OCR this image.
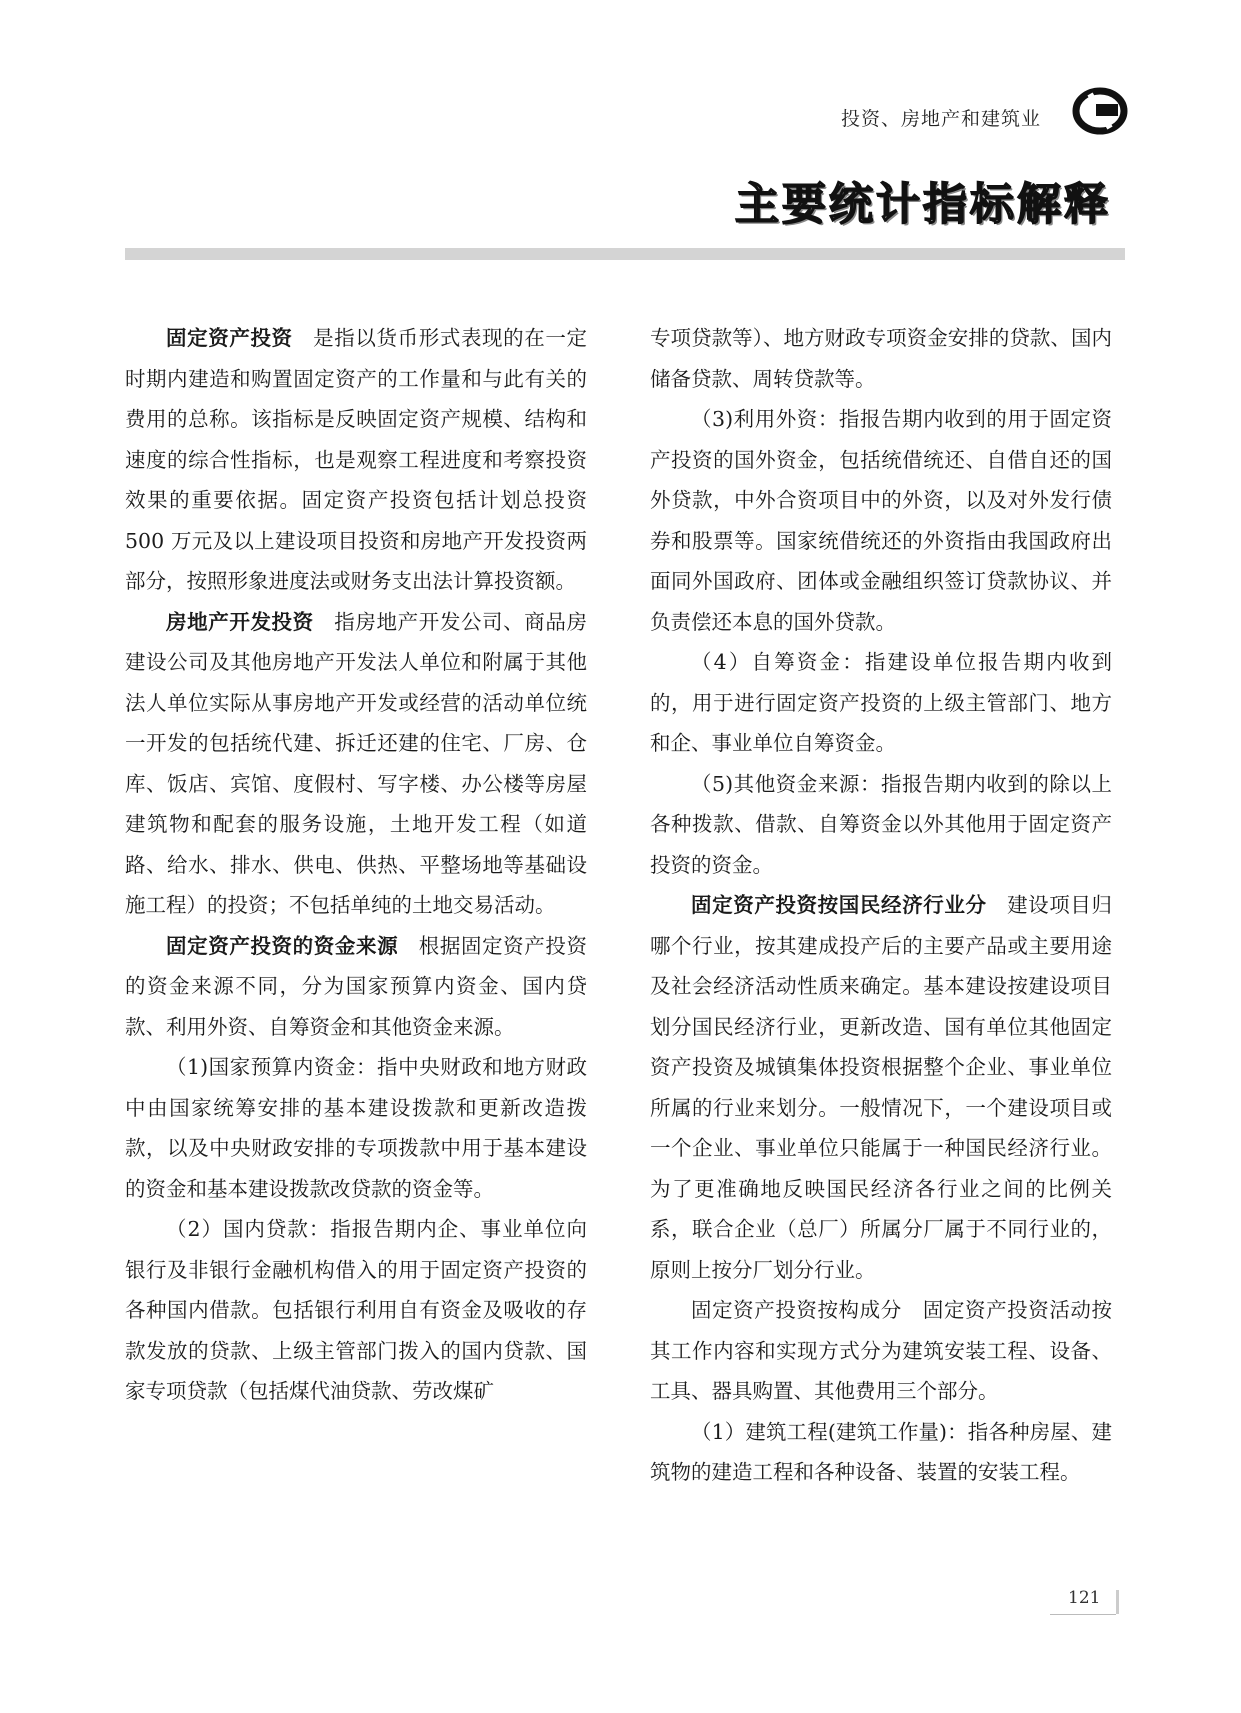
投资、房地产和建筑业
主要统计指标解释

固定资产投资 是指以货币形式表现的在一定时期内建造和购置固定资产的工作量和与此有关的费用的总称。该指标是反映固定资产规模、结构和速度的综合性指标，也是观察工程进度和考察投资效果的重要依据。固定资产投资包括计划总投资 500 万元及以上建设项目投资和房地产开发投资两部分，按照形象进度法或财务支出法计算投资额。

房地产开发投资 指房地产开发公司、商品房建设公司及其他房地产开发法人单位和附属于其他法人单位实际从事房地产开发或经营的活动单位统一开发的包括统代建、拆迁还建的住宅、厂房、仓库、饭店、宾馆、度假村、写字楼、办公楼等房屋建筑物和配套的服务设施，土地开发工程（如道路、给水、排水、供电、供热、平整场地等基础设施工程）的投资；不包括单纯的土地交易活动。

固定资产投资的资金来源 根据固定资产投资的资金来源不同，分为国家预算内资金、国内贷款、利用外资、自筹资金和其他资金来源。

（1)国家预算内资金：指中央财政和地方财政中由国家统筹安排的基本建设拨款和更新改造拨款，以及中央财政安排的专项拨款中用于基本建设的资金和基本建设拨款改贷款的资金等。

（2）国内贷款：指报告期内企、事业单位向银行及非银行金融机构借入的用于固定资产投资的各种国内借款。包括银行利用自有资金及吸收的存款发放的贷款、上级主管部门拨入的国内贷款、国家专项贷款（包括煤代油贷款、劳改煤矿

专项贷款等）、地方财政专项资金安排的贷款、国内储备贷款、周转贷款等。

（3)利用外资：指报告期内收到的用于固定资产投资的国外资金，包括统借统还、自借自还的国外贷款，中外合资项目中的外资，以及对外发行债券和股票等。国家统借统还的外资指由我国政府出面同外国政府、团体或金融组织签订贷款协议、并负责偿还本息的国外贷款。

（4）自筹资金：指建设单位报告期内收到的，用于进行固定资产投资的上级主管部门、地方和企、事业单位自筹资金。

（5)其他资金来源：指报告期内收到的除以上各种拨款、借款、自筹资金以外其他用于固定资产投资的资金。

固定资产投资按国民经济行业分 建设项目归哪个行业，按其建成投产后的主要产品或主要用途及社会经济活动性质来确定。基本建设按建设项目划分国民经济行业，更新改造、国有单位其他固定资产投资及城镇集体投资根据整个企业、事业单位所属的行业来划分。一般情况下，一个建设项目或一个企业、事业单位只能属于一种国民经济行业。为了更准确地反映国民经济各行业之间的比例关系，联合企业（总厂）所属分厂属于不同行业的，原则上按分厂划分行业。

固定资产投资按构成分　固定资产投资活动按其工作内容和实现方式分为建筑安装工程、设备、工具、器具购置、其他费用三个部分。

（1）建筑工程(建筑工作量)：指各种房屋、建筑物的建造工程和各种设备、装置的安装工程。

121
